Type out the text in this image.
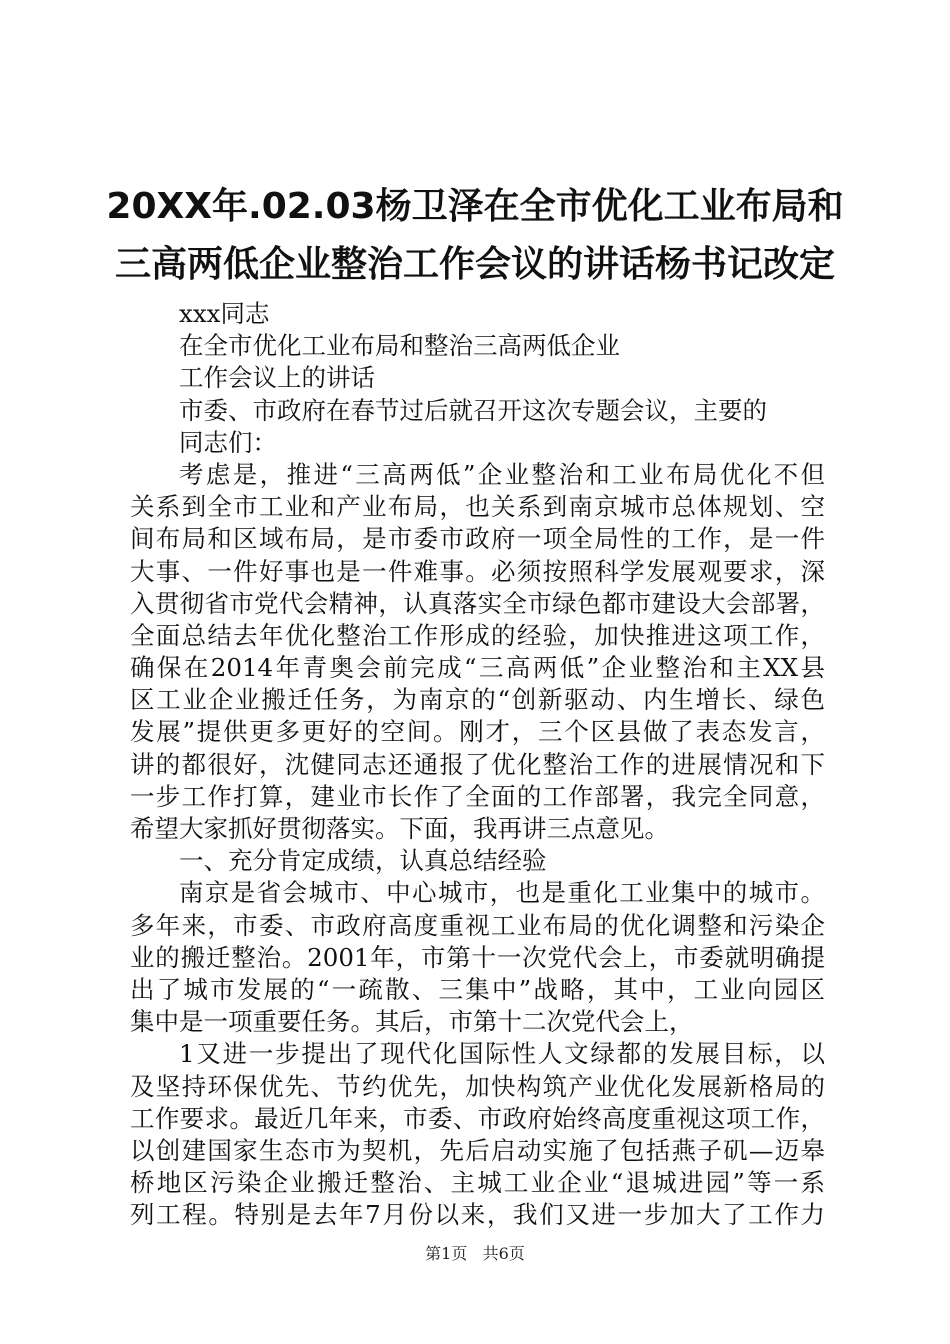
20XX年.02.03杨卫泽在全市优化工业布局和
三高两低企业整治工作会议的讲话杨书记改定
xxx同志
在全市优化工业布局和整治三高两低企业
工作会议上的讲话
市委、市政府在春节过后就召开这次专题会议，主要的
同志们：
考虑是，推进“三高两低”企业整治和工业布局优化不但
关系到全市工业和产业布局，也关系到南京城市总体规划、空
间布局和区域布局，是市委市政府一项全局性的工作，是一件
大事、一件好事也是一件难事。必须按照科学发展观要求，深
入贯彻省市党代会精神，认真落实全市绿色都市建设大会部署，
全面总结去年优化整治工作形成的经验，加快推进这项工作，
确保在2014年青奥会前完成“三高两低”企业整治和主XX县
区工业企业搬迁任务，为南京的“创新驱动、内生增长、绿色
发展”提供更多更好的空间。刚才，三个区县做了表态发言，
讲的都很好，沈健同志还通报了优化整治工作的进展情况和下
一步工作打算，建业市长作了全面的工作部署，我完全同意，
希望大家抓好贯彻落实。下面，我再讲三点意见。
一、充分肯定成绩，认真总结经验
南京是省会城市、中心城市，也是重化工业集中的城市。
多年来，市委、市政府高度重视工业布局的优化调整和污染企
业的搬迁整治。2001年，市第十一次党代会上，市委就明确提
出了城市发展的“一疏散、三集中”战略，其中，工业向园区
集中是一项重要任务。其后，市第十二次党代会上，
1又进一步提出了现代化国际性人文绿都的发展目标，以
及坚持环保优先、节约优先，加快构筑产业优化发展新格局的
工作要求。最近几年来，市委、市政府始终高度重视这项工作，
以创建国家生态市为契机，先后启动实施了包括燕子矶—迈皋
桥地区污染企业搬迁整治、主城工业企业“退城进园”等一系
列工程。特别是去年7月份以来，我们又进一步加大了工作力
第1页 共6页
